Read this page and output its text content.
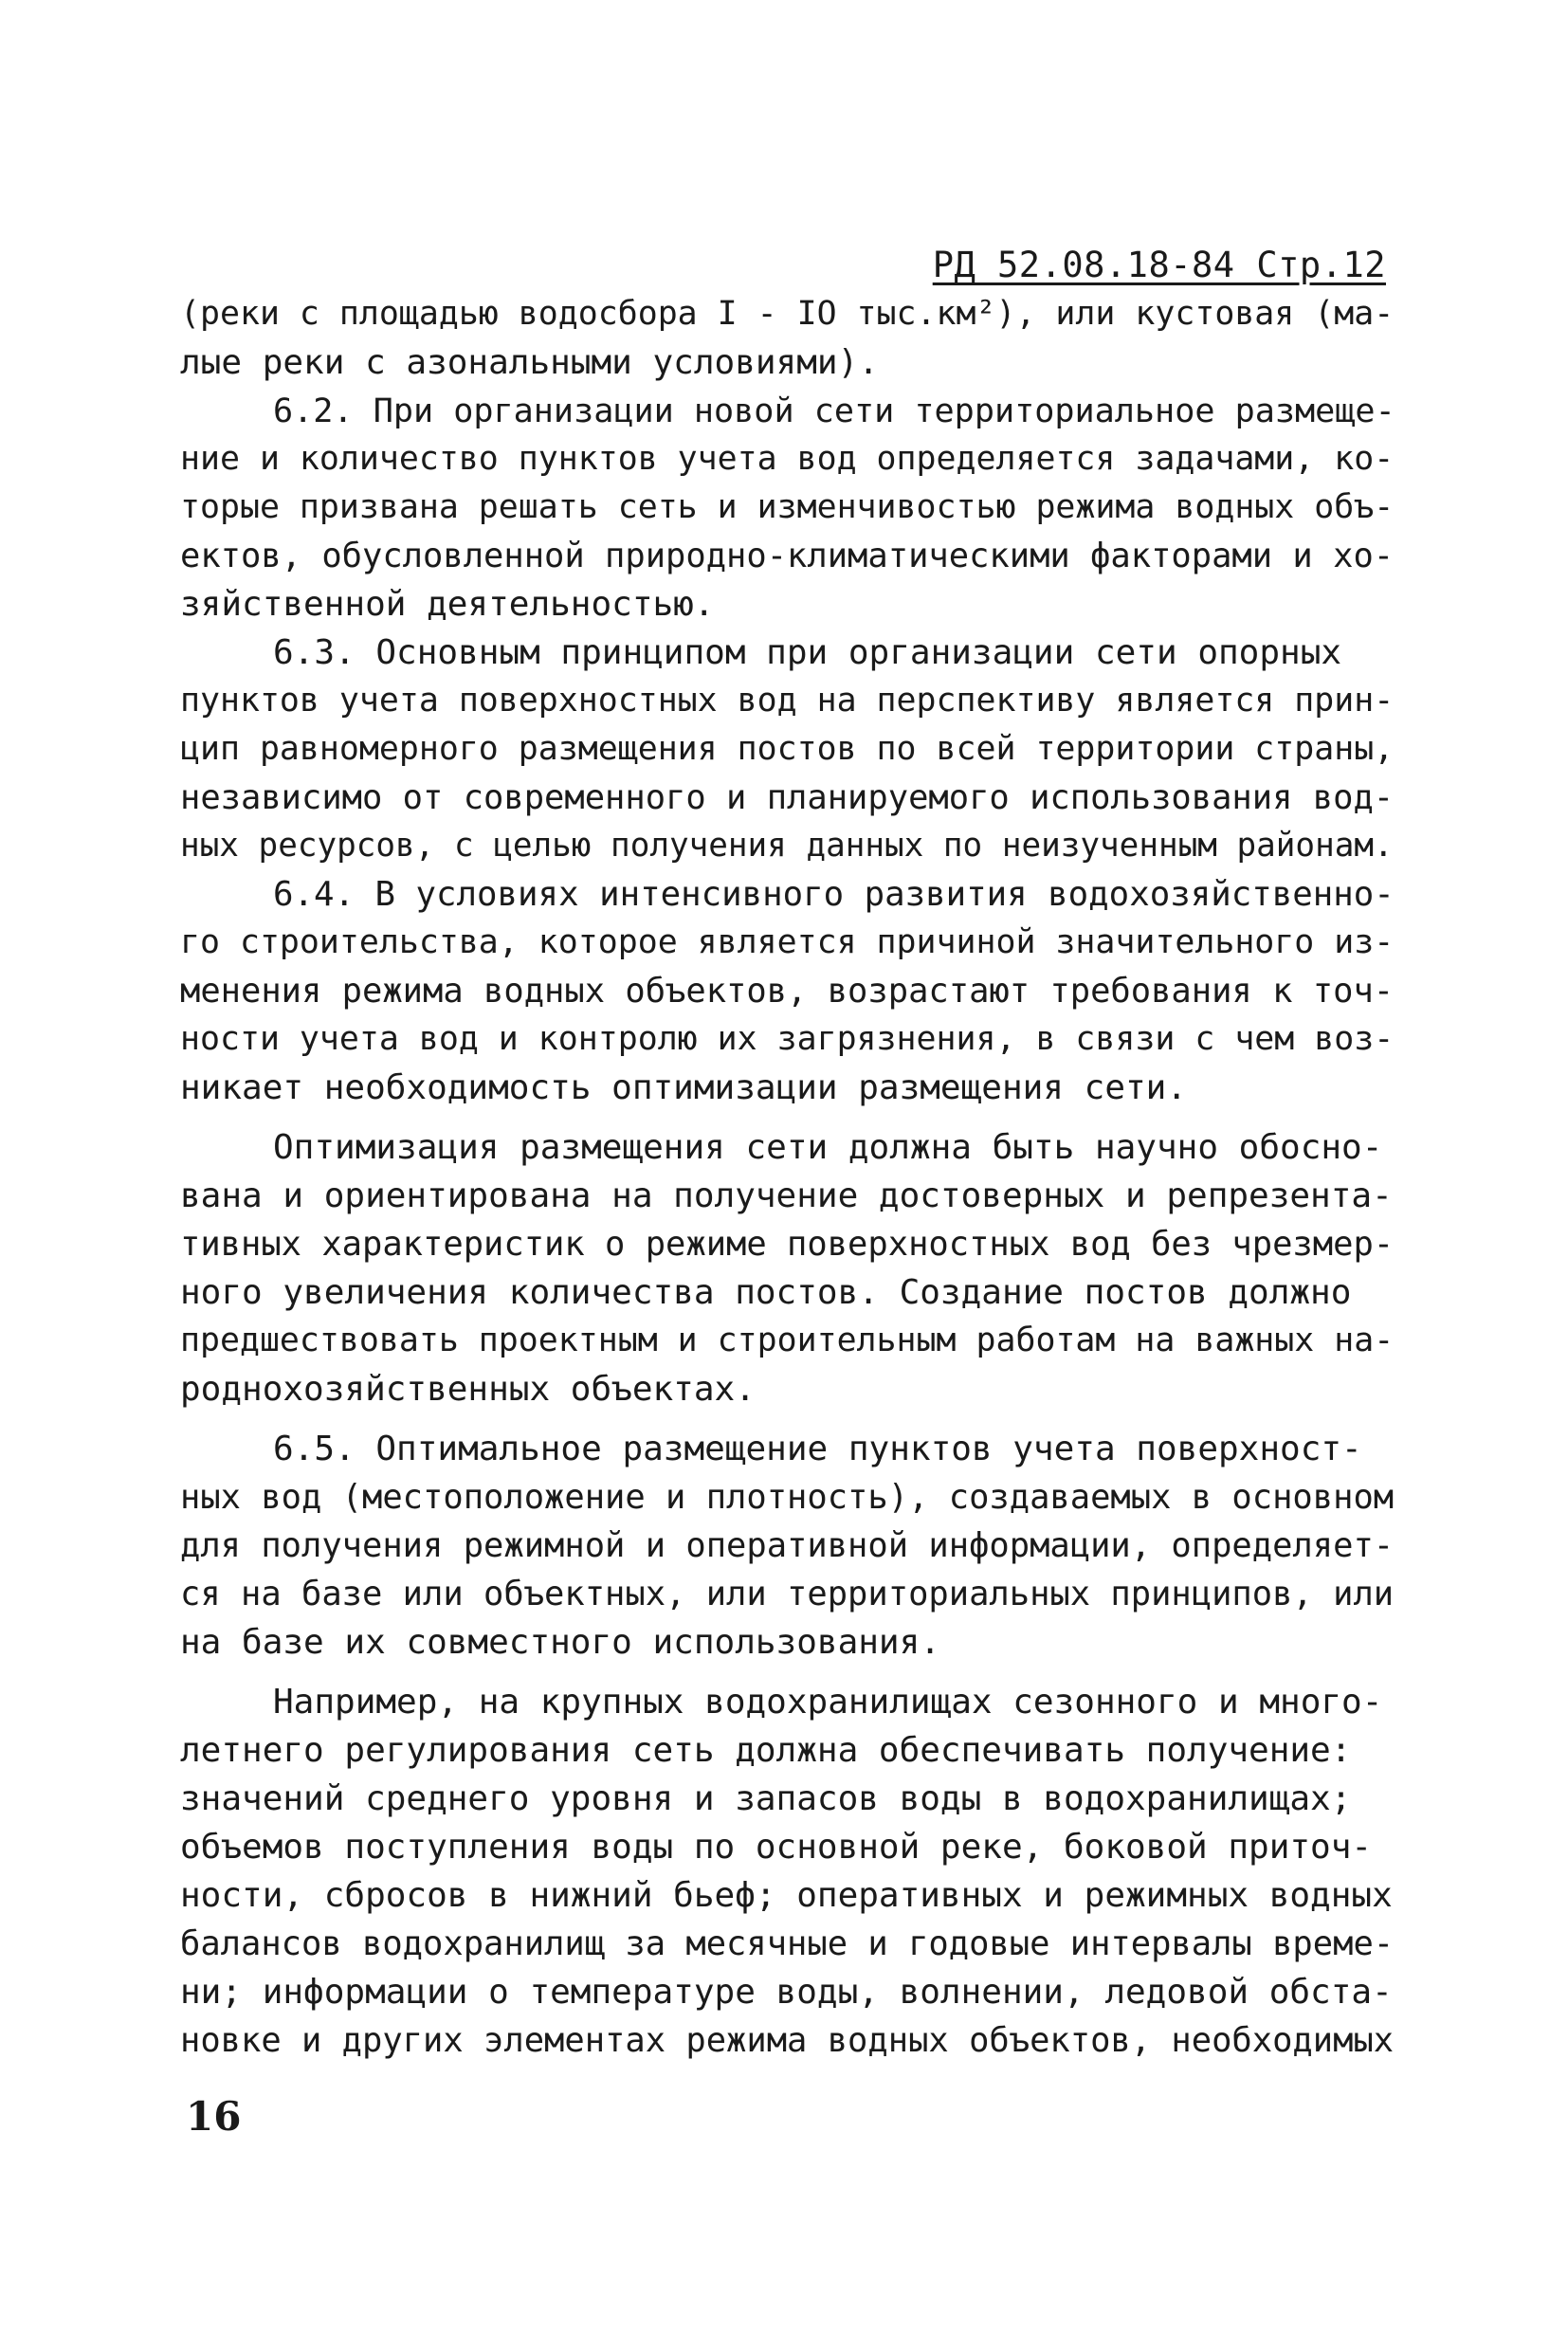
РД 52.08.18-84 Стр.12
(реки с площадью водосбора I - IO тыс.км²), или кустовая (ма-
лые реки с азональными условиями).
6.2. При организации новой сети территориальное размеще-
ние и количество пунктов учета вод определяется задачами, ко-
торые призвана решать сеть и изменчивостью режима водных объ-
ектов, обусловленной природно-климатическими факторами и хо-
зяйственной деятельностью.
6.3. Основным принципом при организации сети опорных
пунктов учета поверхностных вод на перспективу является прин-
цип равномерного размещения постов по всей территории страны,
независимо от современного и планируемого использования вод-
ных ресурсов, с целью получения данных по неизученным районам.
6.4. В условиях интенсивного развития водохозяйственно-
го строительства, которое является причиной значительного из-
менения режима водных объектов, возрастают требования к точ-
ности учета вод и контролю их загрязнения, в связи с чем воз-
никает необходимость оптимизации размещения сети.
Оптимизация размещения сети должна быть научно обосно-
вана и ориентирована на получение достоверных и репрезента-
тивных характеристик о режиме поверхностных вод без чрезмер-
ного увеличения количества постов. Создание постов должно
предшествовать проектным и строительным работам на важных на-
роднохозяйственных объектах.
6.5. Оптимальное размещение пунктов учета поверхност-
ных вод (местоположение и плотность), создаваемых в основном
для получения режимной и оперативной информации, определяет-
ся на базе или объектных, или территориальных принципов, или
на базе их совместного использования.
Например, на крупных водохранилищах сезонного и много-
летнего регулирования сеть должна обеспечивать получение:
значений среднего уровня и запасов воды в водохранилищах;
объемов поступления воды по основной реке, боковой приточ-
ности, сбросов в нижний бьеф; оперативных и режимных водных
балансов водохранилищ за месячные и годовые интервалы време-
ни; информации о температуре воды, волнении, ледовой обста-
новке и других элементах режима водных объектов, необходимых
16
